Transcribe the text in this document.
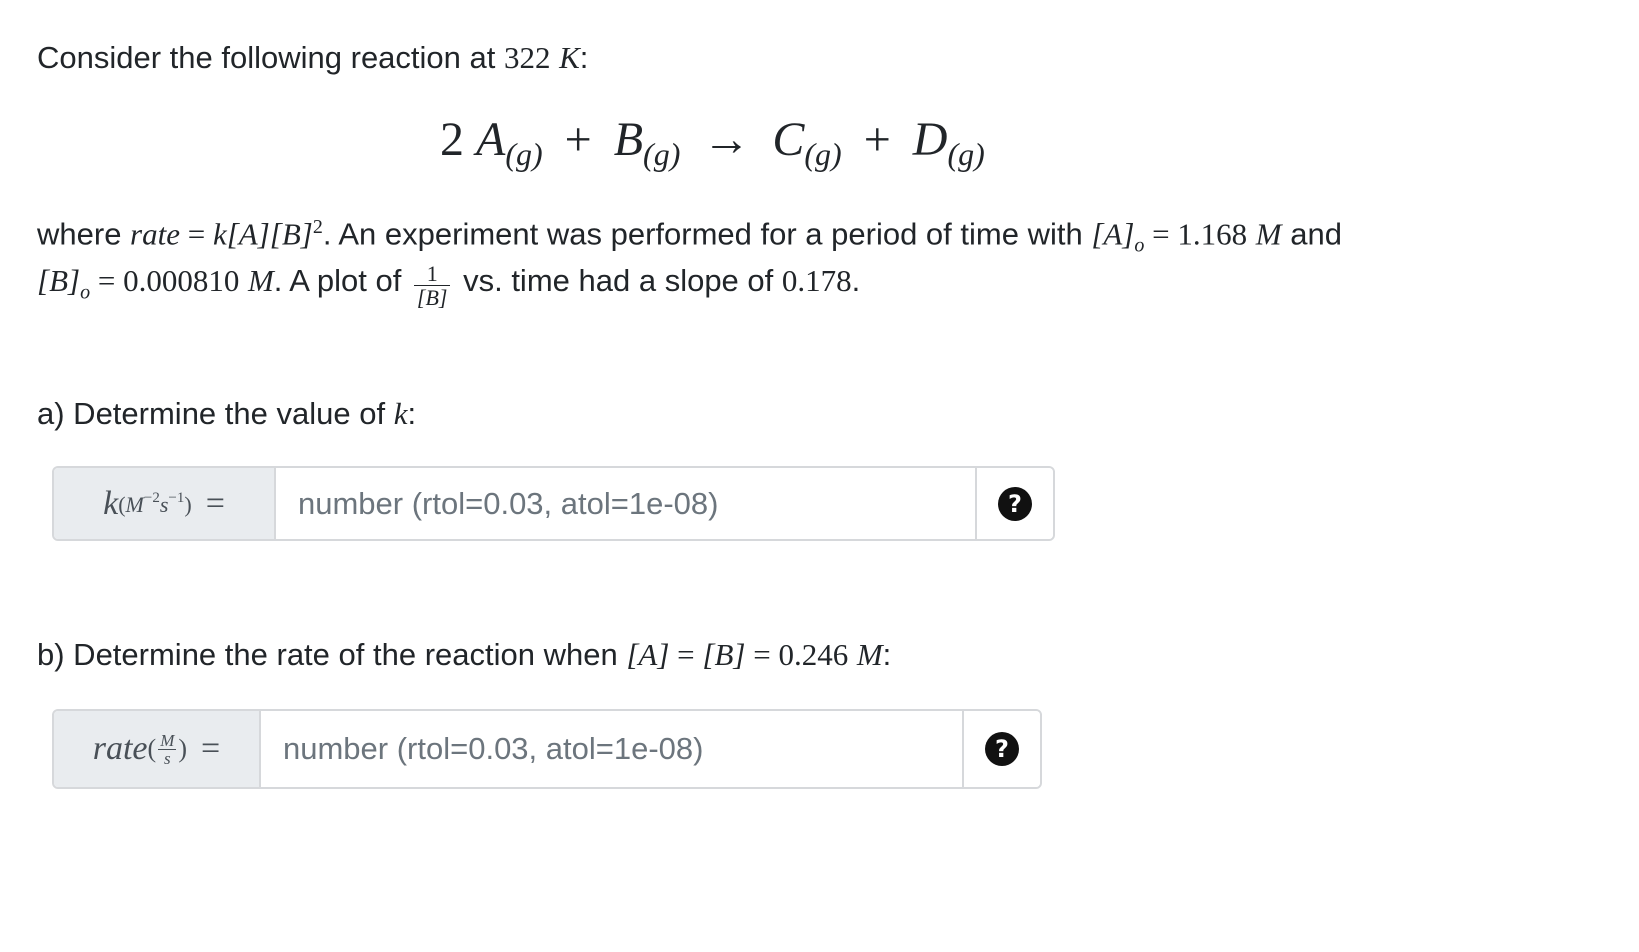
Consider the following reaction at 322 K:
2 $A_{(g)} + B_{(g)} \to C_{(g)} + D_{(g)}$
where rate = $k[A][B]^2$. An experiment was performed for a period of time with $[A]_o = 1.168$ M and
$[B]_o = 0.000810$ M. A plot of $\frac{1}{[B]}$ vs. time had a slope of 0.178.
a) Determine the value of k:
k $(M^{-2}s^{-1})$ =
number (rtol=0.03, atol=1e-08)	?
b) Determine the rate of the reaction when [A] = [B] = 0.246 M:
rate ( $\frac{M}{s}$ ) =
number (rtol=0.03, atol=1e-08)	?
